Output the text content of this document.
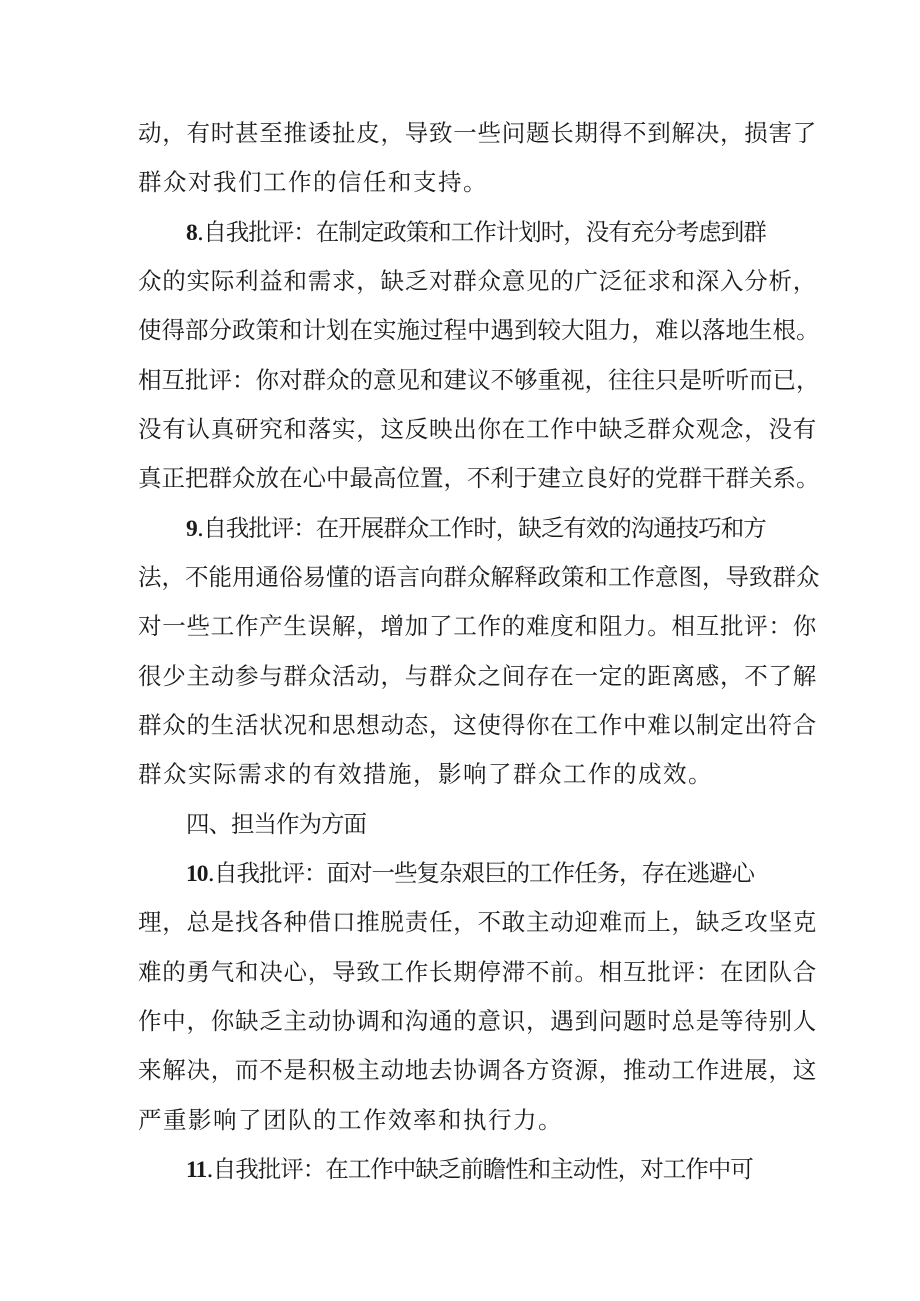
动，有时甚至推诿扯皮，导致一些问题长期得不到解决，损害了
群众对我们工作的信任和支持。
8.自我批评：在制定政策和工作计划时，没有充分考虑到群
众的实际利益和需求，缺乏对群众意见的广泛征求和深入分析，
使得部分政策和计划在实施过程中遇到较大阻力，难以落地生根。
相互批评：你对群众的意见和建议不够重视，往往只是听听而已，
没有认真研究和落实，这反映出你在工作中缺乏群众观念，没有
真正把群众放在心中最高位置，不利于建立良好的党群干群关系。
9.自我批评：在开展群众工作时，缺乏有效的沟通技巧和方
法，不能用通俗易懂的语言向群众解释政策和工作意图，导致群众
对一些工作产生误解，增加了工作的难度和阻力。相互批评：你
很少主动参与群众活动，与群众之间存在一定的距离感，不了解
群众的生活状况和思想动态，这使得你在工作中难以制定出符合
群众实际需求的有效措施，影响了群众工作的成效。
四、担当作为方面
10.自我批评：面对一些复杂艰巨的工作任务，存在逃避心
理，总是找各种借口推脱责任，不敢主动迎难而上，缺乏攻坚克
难的勇气和决心，导致工作长期停滞不前。相互批评：在团队合
作中，你缺乏主动协调和沟通的意识，遇到问题时总是等待别人
来解决，而不是积极主动地去协调各方资源，推动工作进展，这
严重影响了团队的工作效率和执行力。
11.自我批评：在工作中缺乏前瞻性和主动性，对工作中可
